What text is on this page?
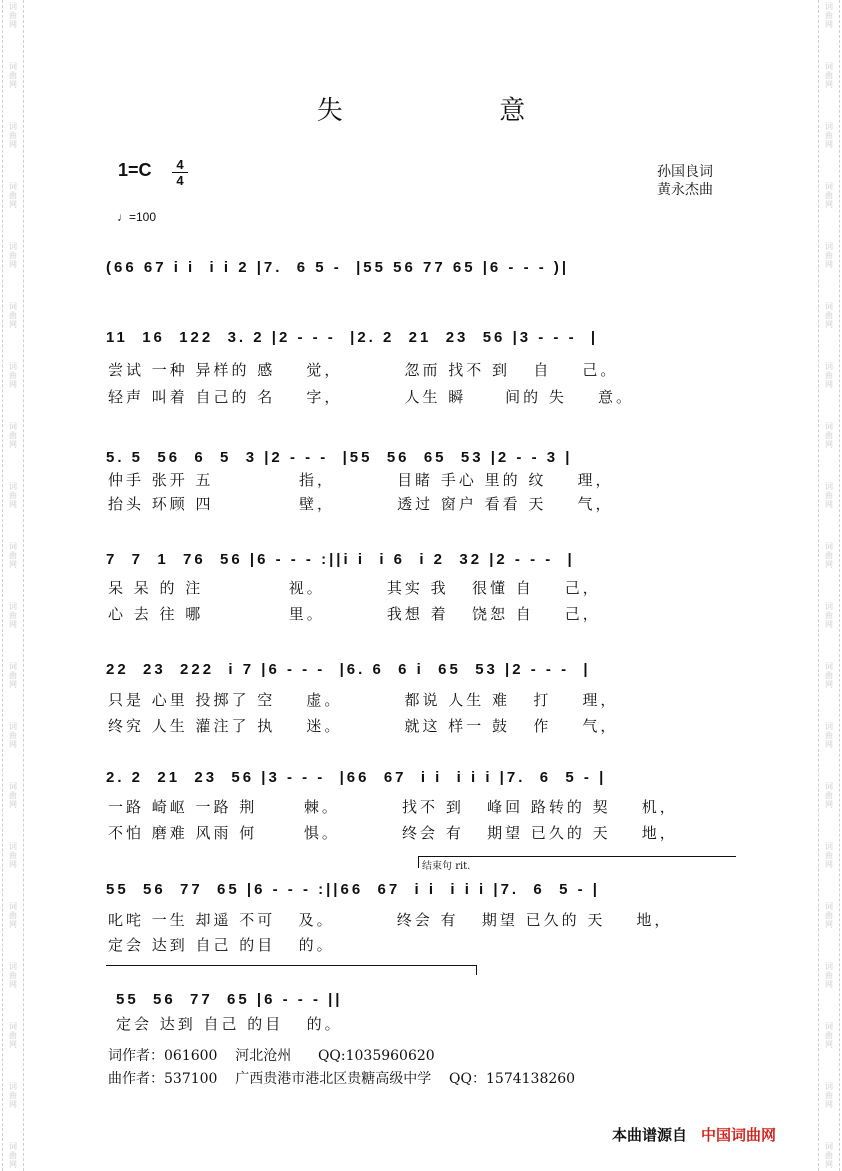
词
曲
网
词
曲
网
词
曲
网
词
曲
网
词
曲
网
词
曲
网
词
曲
网
词
曲
网
词
曲
网
词
曲
网
词
曲
网
词
曲
网
词
曲
网
词
曲
网
词
曲
网
词
曲
网
词
曲
网
词
曲
网
词
曲
网
词
曲
网
词
曲
网
词
曲
网
词
曲
网
词
曲
网
词
曲
网
词
曲
网
词
曲
网
词
曲
网
词
曲
网
词
曲
网
词
曲
网
词
曲
网
词
曲
网
词
曲
网
词
曲
网
词
曲
网
词
曲
网
词
曲
网
词
曲
网
词
曲
网
失	意
1=C	4
4
♩=100
孙国良词
黄永杰曲
(66 67 i i  i i 2 |7.  6 5 -  |55 56 77 65 |6 - - - )|
11  16  122  3. 2 |2 - - -  |2. 2  21  23  56 |3 - - -  |
尝试 一种 异样的 感    觉，        忽而 找不 到   自    己。
轻声 叫着 自己的 名    字，        人生 瞬     间的 失    意。
5. 5  56  6  5  3 |2 - - -  |55  56  65  53 |2 - - 3 |
仲手 张开 五           指，        目睹 手心 里的 纹    理，
抬头 环顾 四           壁，        透过 窗户 看看 天    气，
7  7  1  76  56 |6 - - - :||i i  i 6  i 2  32 |2 - - -  |
呆 呆 的 注           视。        其实 我   很懂 自    己，
心 去 往 哪           里。        我想 着   饶恕 自    己，
22  23  222  i 7 |6 - - -  |6. 6  6 i  65  53 |2 - - -  |
只是 心里 投掷了 空    虚。        都说 人生 难   打    理，
终究 人生 灌注了 执    迷。        就这 样一 鼓   作    气，
2. 2  21  23  56 |3 - - -  |66  67  i i  i i i |7.  6  5 - |
一路 崎岖 一路 荆      棘。        找不 到   峰回 路转的 契    机，
不怕 磨难 风雨 何      惧。        终会 有   期望 已久的 天    地，
结束句 rit.
55  56  77  65 |6 - - - :||66  67  i i  i i i |7.  6  5 - |
叱咤 一生 却遥 不可   及。        终会 有   期望 已久的 天    地，
定会 达到 自己 的目   的。
55  56  77  65 |6 - - - ||
定会 达到 自己 的目   的。
词作者：061600    河北沧州      QQ:1035960620
曲作者：537100    广西贵港市港北区贵糖高级中学    QQ：1574138260
本曲谱源自 中国词曲网
